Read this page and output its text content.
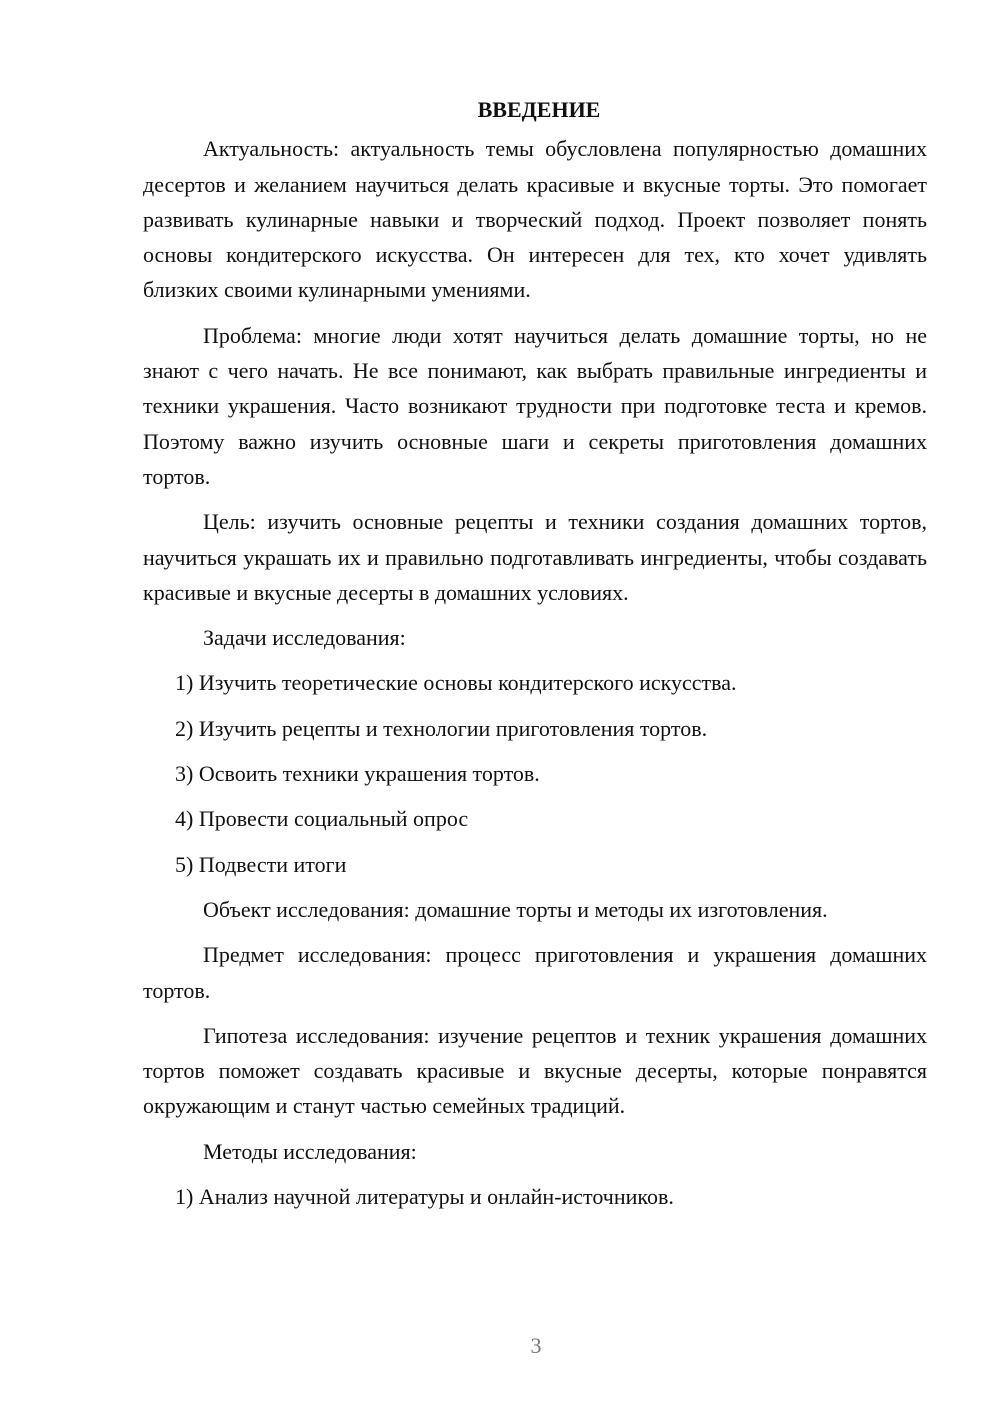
ВВЕДЕНИЕ

Актуальность: актуальность темы обусловлена популярностью домашних десертов и желанием научиться делать красивые и вкусные торты. Это помогает развивать кулинарные навыки и творческий подход. Проект позволяет понять основы кондитерского искусства. Он интересен для тех, кто хочет удивлять близких своими кулинарными умениями.

Проблема: многие люди хотят научиться делать домашние торты, но не знают с чего начать. Не все понимают, как выбрать правильные ингредиенты и техники украшения. Часто возникают трудности при подготовке теста и кремов. Поэтому важно изучить основные шаги и секреты приготовления домашних тортов.

Цель: изучить основные рецепты и техники создания домашних тортов, научиться украшать их и правильно подготавливать ингредиенты, чтобы создавать красивые и вкусные десерты в домашних условиях.

Задачи исследования:

1) Изучить теоретические основы кондитерского искусства.

2) Изучить рецепты и технологии приготовления тортов.

3) Освоить техники украшения тортов.

4) Провести социальный опрос

5) Подвести итоги

Объект исследования: домашние торты и методы их изготовления.

Предмет исследования: процесс приготовления и украшения домашних тортов.

Гипотеза исследования: изучение рецептов и техник украшения домашних тортов поможет создавать красивые и вкусные десерты, которые понравятся окружающим и станут частью семейных традиций.

Методы исследования:

1) Анализ научной литературы и онлайн-источников.

3
